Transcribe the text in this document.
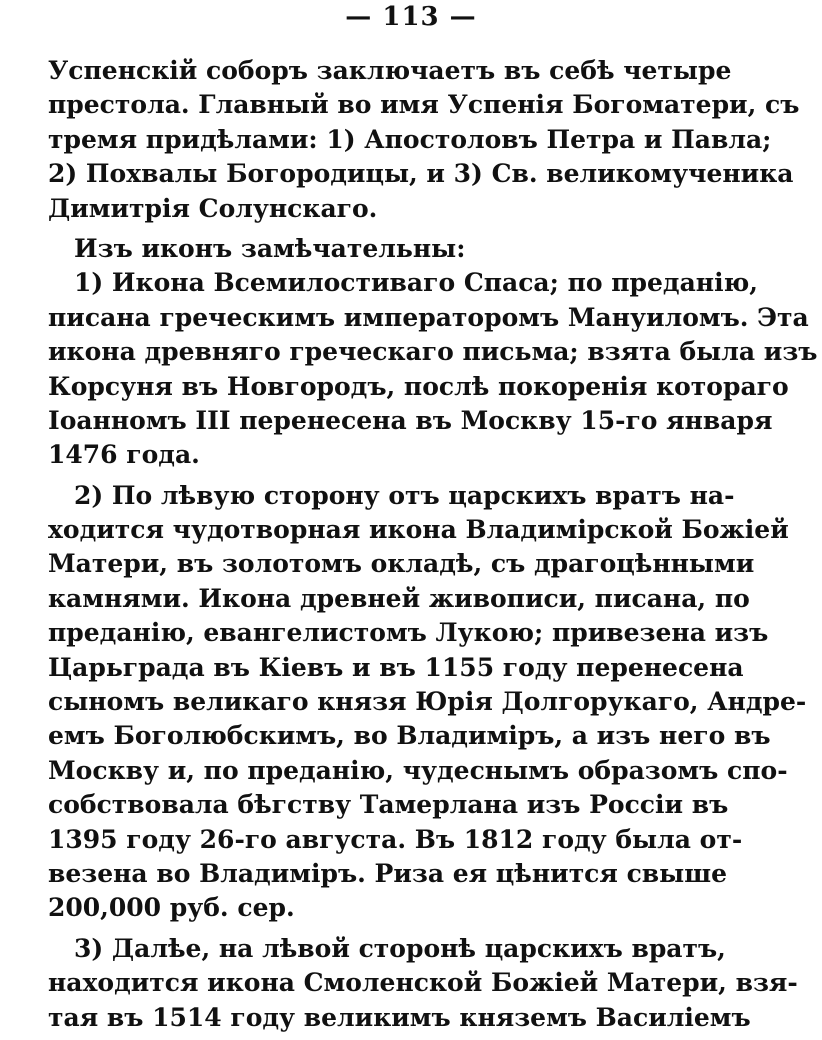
— 113 —
Успенскій соборъ заключаетъ въ себѣ четыре
престола. Главный во имя Успенія Богоматери, съ
тремя придѣлами: 1) Апостоловъ Петра и Павла;
2) Похвалы Богородицы, и 3) Св. великомученика
Димитрія Солунскаго.
Изъ иконъ замѣчательны:
1) Икона Всемилостиваго Спаса; по преданію,
писана греческимъ императоромъ Мануиломъ. Эта
икона древняго греческаго письма; взята была изъ
Корсуня въ Новгородъ, послѣ покоренія котораго
Іоанномъ III перенесена въ Москву 15-го января
1476 года.
2) По лѣвую сторону отъ царскихъ вратъ на-
ходится чудотворная икона Владимірской Божіей
Матери, въ золотомъ окладѣ, съ драгоцѣнными
камнями. Икона древней живописи, писана, по
преданію, евангелистомъ Лукою; привезена изъ
Царьграда въ Кіевъ и въ 1155 году перенесена
сыномъ великаго князя Юрія Долгорукаго, Андре-
емъ Боголюбскимъ, во Владиміръ, а изъ него въ
Москву и, по преданію, чудеснымъ образомъ спо-
собствовала бѣгству Тамерлана изъ Россіи въ
1395 году 26-го августа. Въ 1812 году была от-
везена во Владиміръ. Риза ея цѣнится свыше
200,000 руб. сер.
3) Далѣе, на лѣвой сторонѣ царскихъ вратъ,
находится икона Смоленской Божіей Матери, взя-
тая въ 1514 году великимъ княземъ Василіемъ
